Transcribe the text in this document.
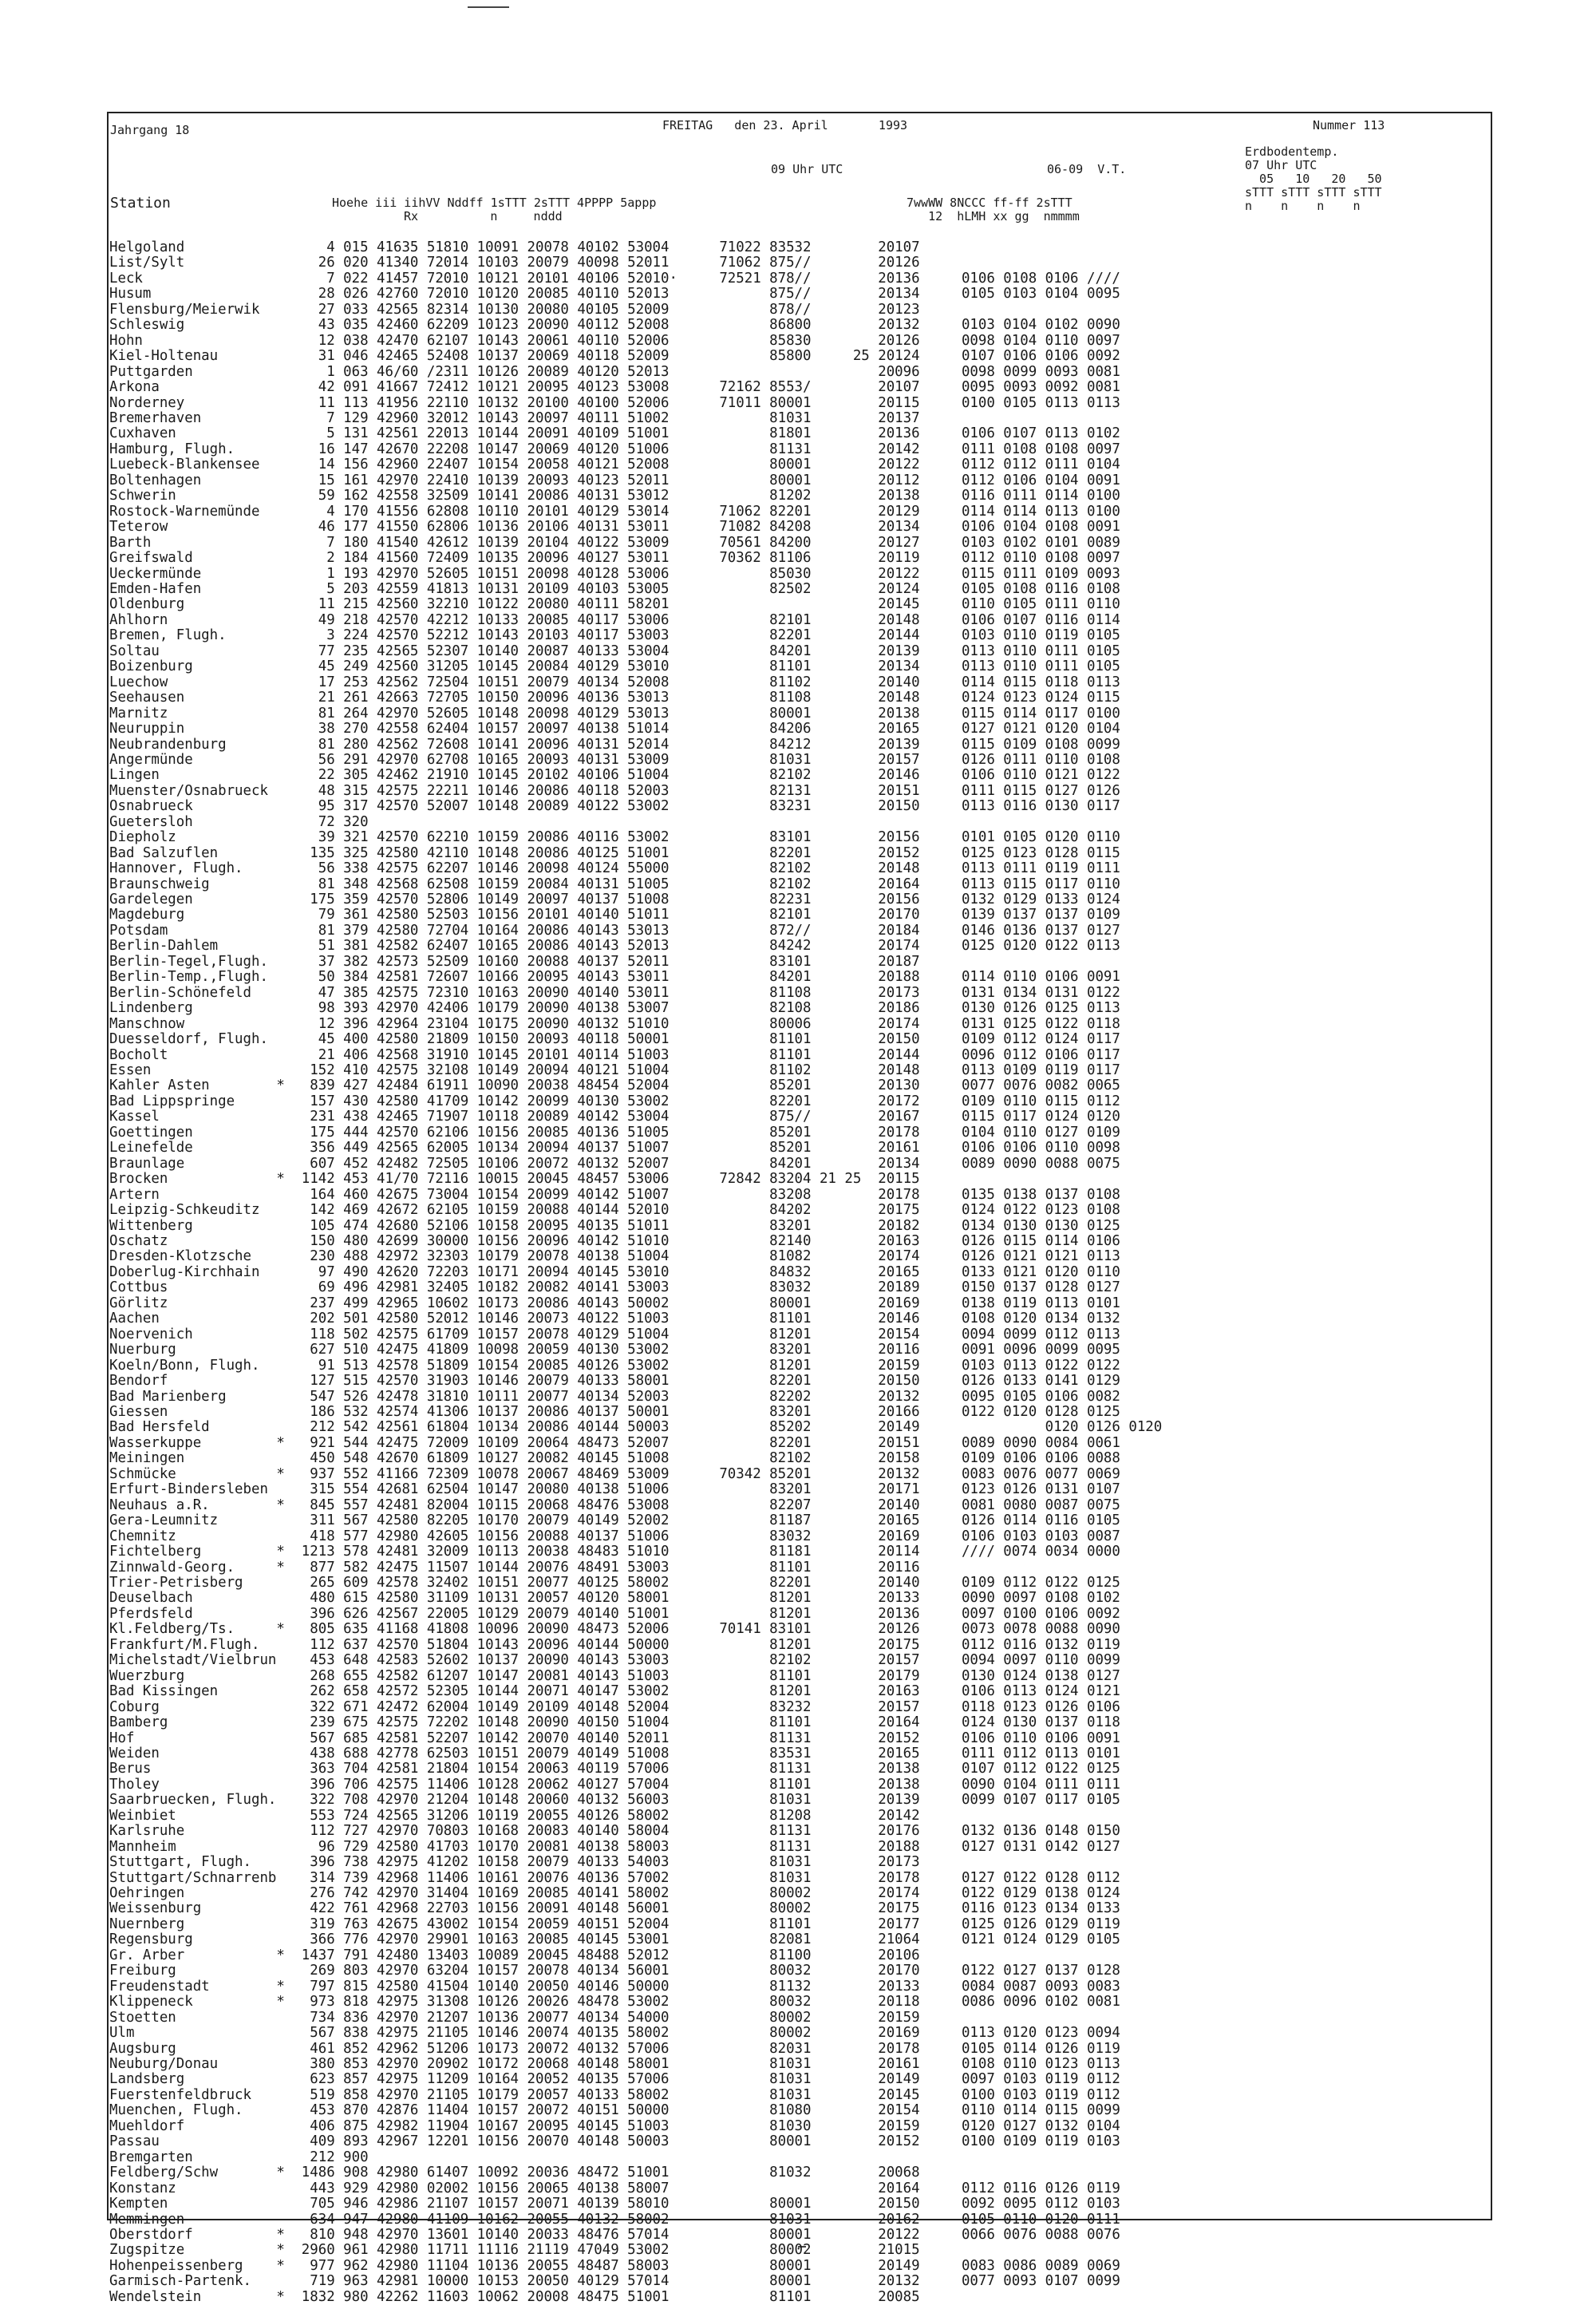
Jahrgang 18	FREITAG   den 23. April       1993	Nummer 113
Erdbodentemp.
07 Uhr UTC
05   10   20   50
sTTT sTTT sTTT sTTT
n    n    n    n
09 Uhr UTC	06-09  V.T.
Station	Hoehe iii iihVV Nddff 1sTTT 2sTTT 4PPPP 5appp
Rx          n     nddd
7wwWW 8NCCC ff-ff 2sTTT
12  hLMH xx gg  nmmmm
Helgoland                 4 015 41635 51810 10091 20078 40102 53004      71022 83532        20107
List/Sylt                26 020 41340 72014 10103 20079 40098 52011      71062 875//        20126
Leck                      7 022 41457 72010 10121 20101 40106 52010·     72521 878//        20136     0106 0108 0106 ////
Husum                    28 026 42760 72010 10120 20085 40110 52013            875//        20134     0105 0103 0104 0095
Flensburg/Meierwik       27 033 42565 82314 10130 20080 40105 52009            878//        20123
Schleswig                43 035 42460 62209 10123 20090 40112 52008            86800        20132     0103 0104 0102 0090
Hohn                     12 038 42470 62107 10143 20061 40110 52006            85830        20126     0098 0104 0110 0097
Kiel-Holtenau            31 046 42465 52408 10137 20069 40118 52009            85800     25 20124     0107 0106 0106 0092
Puttgarden                1 063 46/60 /2311 10126 20089 40120 52013                         20096     0098 0099 0093 0081
Arkona                   42 091 41667 72412 10121 20095 40123 53008      72162 8553/        20107     0095 0093 0092 0081
Norderney                11 113 41956 22110 10132 20100 40100 52006      71011 80001        20115     0100 0105 0113 0113
Bremerhaven               7 129 42960 32012 10143 20097 40111 51002            81031        20137
Cuxhaven                  5 131 42561 22013 10144 20091 40109 51001            81801        20136     0106 0107 0113 0102
Hamburg, Flugh.          16 147 42670 22208 10147 20069 40120 51006            81131        20142     0111 0108 0108 0097
Luebeck-Blankensee       14 156 42960 22407 10154 20058 40121 52008            80001        20122     0112 0112 0111 0104
Boltenhagen              15 161 42970 22410 10139 20093 40123 52011            80001        20112     0112 0106 0104 0091
Schwerin                 59 162 42558 32509 10141 20086 40131 53012            81202        20138     0116 0111 0114 0100
Rostock-Warnemünde        4 170 41556 62808 10110 20101 40129 53014      71062 82201        20129     0114 0114 0113 0100
Teterow                  46 177 41550 62806 10136 20106 40131 53011      71082 84208        20134     0106 0104 0108 0091
Barth                     7 180 41540 42612 10139 20104 40122 53009      70561 84200        20127     0103 0102 0101 0089
Greifswald                2 184 41560 72409 10135 20096 40127 53011      70362 81106        20119     0112 0110 0108 0097
Ueckermünde               1 193 42970 52605 10151 20098 40128 53006            85030        20122     0115 0111 0109 0093
Emden-Hafen               5 203 42559 41813 10131 20109 40103 53005            82502        20124     0105 0108 0116 0108
Oldenburg                11 215 42560 32210 10122 20080 40111 58201                         20145     0110 0105 0111 0110
Ahlhorn                  49 218 42570 42212 10133 20085 40117 53006            82101        20148     0106 0107 0116 0114
Bremen, Flugh.            3 224 42570 52212 10143 20103 40117 53003            82201        20144     0103 0110 0119 0105
Soltau                   77 235 42565 52307 10140 20087 40133 53004            84201        20139     0113 0110 0111 0105
Boizenburg               45 249 42560 31205 10145 20084 40129 53010            81101        20134     0113 0110 0111 0105
Luechow                  17 253 42562 72504 10151 20079 40134 52008            81102        20140     0114 0115 0118 0113
Seehausen                21 261 42663 72705 10150 20096 40136 53013            81108        20148     0124 0123 0124 0115
Marnitz                  81 264 42970 52605 10148 20098 40129 53013            80001        20138     0115 0114 0117 0100
Neuruppin                38 270 42558 62404 10157 20097 40138 51014            84206        20165     0127 0121 0120 0104
Neubrandenburg           81 280 42562 72608 10141 20096 40131 52014            84212        20139     0115 0109 0108 0099
Angermünde               56 291 42970 62708 10165 20093 40131 53009            81031        20157     0126 0111 0110 0108
Lingen                   22 305 42462 21910 10145 20102 40106 51004            82102        20146     0106 0110 0121 0122
Muenster/Osnabrueck      48 315 42575 22211 10146 20086 40118 52003            82131        20151     0111 0115 0127 0126
Osnabrueck               95 317 42570 52007 10148 20089 40122 53002            83231        20150     0113 0116 0130 0117
Guetersloh               72 320
Diepholz                 39 321 42570 62210 10159 20086 40116 53002            83101        20156     0101 0105 0120 0110
Bad Salzuflen           135 325 42580 42110 10148 20086 40125 51001            82201        20152     0125 0123 0128 0115
Hannover, Flugh.         56 338 42575 62207 10146 20098 40124 55000            82102        20148     0113 0111 0119 0111
Braunschweig             81 348 42568 62508 10159 20084 40131 51005            82102        20164     0113 0115 0117 0110
Gardelegen              175 359 42570 52806 10149 20097 40137 51008            82231        20156     0132 0129 0133 0124
Magdeburg                79 361 42580 52503 10156 20101 40140 51011            82101        20170     0139 0137 0137 0109
Potsdam                  81 379 42580 72704 10164 20086 40143 53013            872//        20184     0146 0136 0137 0127
Berlin-Dahlem            51 381 42582 62407 10165 20086 40143 52013            84242        20174     0125 0120 0122 0113
Berlin-Tegel,Flugh.      37 382 42573 52509 10160 20088 40137 52011            83101        20187
Berlin-Temp.,Flugh.      50 384 42581 72607 10166 20095 40143 53011            84201        20188     0114 0110 0106 0091
Berlin-Schönefeld        47 385 42575 72310 10163 20090 40140 53011            81108        20173     0131 0134 0131 0122
Lindenberg               98 393 42970 42406 10179 20090 40138 53007            82108        20186     0130 0126 0125 0113
Manschnow                12 396 42964 23104 10175 20090 40132 51010            80006        20174     0131 0125 0122 0118
Duesseldorf, Flugh.      45 400 42580 21809 10150 20093 40118 50001            81101        20150     0109 0112 0124 0117
Bocholt                  21 406 42568 31910 10145 20101 40114 51003            81101        20144     0096 0112 0106 0117
Essen                   152 410 42575 32108 10149 20094 40121 51004            81102        20148     0113 0109 0119 0117
Kahler Asten        *   839 427 42484 61911 10090 20038 48454 52004            85201        20130     0077 0076 0082 0065
Bad Lippspringe         157 430 42580 41709 10142 20099 40130 53002            82201        20172     0109 0110 0115 0112
Kassel                  231 438 42465 71907 10118 20089 40142 53004            875//        20167     0115 0117 0124 0120
Goettingen              175 444 42570 62106 10156 20085 40136 51005            85201        20178     0104 0110 0127 0109
Leinefelde              356 449 42565 62005 10134 20094 40137 51007            85201        20161     0106 0106 0110 0098
Braunlage               607 452 42482 72505 10106 20072 40132 52007            84201        20134     0089 0090 0088 0075
Brocken             *  1142 453 41/70 72116 10015 20045 48457 53006      72842 83204 21 25  20115
Artern                  164 460 42675 73004 10154 20099 40142 51007            83208        20178     0135 0138 0137 0108
Leipzig-Schkeuditz      142 469 42672 62105 10159 20088 40144 52010            84202        20175     0124 0122 0123 0108
Wittenberg              105 474 42680 52106 10158 20095 40135 51011            83201        20182     0134 0130 0130 0125
Oschatz                 150 480 42699 30000 10156 20096 40142 51010            82140        20163     0126 0115 0114 0106
Dresden-Klotzsche       230 488 42972 32303 10179 20078 40138 51004            81082        20174     0126 0121 0121 0113
Doberlug-Kirchhain       97 490 42620 72203 10171 20094 40145 53010            84832        20165     0133 0121 0120 0110
Cottbus                  69 496 42981 32405 10182 20082 40141 53003            83032        20189     0150 0137 0128 0127
Görlitz                 237 499 42965 10602 10173 20086 40143 50002            80001        20169     0138 0119 0113 0101
Aachen                  202 501 42580 52012 10146 20073 40122 51003            81101        20146     0108 0120 0134 0132
Noervenich              118 502 42575 61709 10157 20078 40129 51004            81201        20154     0094 0099 0112 0113
Nuerburg                627 510 42475 41809 10098 20059 40130 53002            83201        20116     0091 0096 0099 0095
Koeln/Bonn, Flugh.       91 513 42578 51809 10154 20085 40126 53002            81201        20159     0103 0113 0122 0122
Bendorf                 127 515 42570 31903 10146 20079 40133 58001            82201        20150     0126 0133 0141 0129
Bad Marienberg          547 526 42478 31810 10111 20077 40134 52003            82202        20132     0095 0105 0106 0082
Giessen                 186 532 42574 41306 10137 20086 40137 50001            83201        20166     0122 0120 0128 0125
Bad Hersfeld            212 542 42561 61804 10134 20086 40144 50003            85202        20149               0120 0126 0120
Wasserkuppe         *   921 544 42475 72009 10109 20064 48473 52007            82201        20151     0089 0090 0084 0061
Meiningen               450 548 42670 61809 10127 20082 40145 51008            82102        20158     0109 0106 0106 0088
Schmücke            *   937 552 41166 72309 10078 20067 48469 53009      70342 85201        20132     0083 0076 0077 0069
Erfurt-Bindersleben     315 554 42681 62504 10147 20080 40138 51006            83201        20171     0123 0126 0131 0107
Neuhaus a.R.        *   845 557 42481 82004 10115 20068 48476 53008            82207        20140     0081 0080 0087 0075
Gera-Leumnitz           311 567 42580 82205 10170 20079 40149 52002            81187        20165     0126 0114 0116 0105
Chemnitz                418 577 42980 42605 10156 20088 40137 51006            83032        20169     0106 0103 0103 0087
Fichtelberg         *  1213 578 42481 32009 10113 20038 48483 51010            81181        20114     //// 0074 0034 0000
Zinnwald-Georg.     *   877 582 42475 11507 10144 20076 48491 53003            81101        20116
Trier-Petrisberg        265 609 42578 32402 10151 20077 40125 58002            82201        20140     0109 0112 0122 0125
Deuselbach              480 615 42580 31109 10131 20057 40120 58001            81201        20133     0090 0097 0108 0102
Pferdsfeld              396 626 42567 22005 10129 20079 40140 51001            81201        20136     0097 0100 0106 0092
Kl.Feldberg/Ts.     *   805 635 41168 41808 10096 20090 48473 52006      70141 83101        20126     0073 0078 0088 0090
Frankfurt/M.Flugh.      112 637 42570 51804 10143 20096 40144 50000            81201        20175     0112 0116 0132 0119
Michelstadt/Vielbrun    453 648 42583 52602 10137 20090 40143 53003            82102        20157     0094 0097 0110 0099
Wuerzburg               268 655 42582 61207 10147 20081 40143 51003            81101        20179     0130 0124 0138 0127
Bad Kissingen           262 658 42572 52305 10144 20071 40147 53002            81201        20163     0106 0113 0124 0121
Coburg                  322 671 42472 62004 10149 20109 40148 52004            83232        20157     0118 0123 0126 0106
Bamberg                 239 675 42575 72202 10148 20090 40150 51004            81101        20164     0124 0130 0137 0118
Hof                     567 685 42581 52207 10142 20070 40140 52011            81131        20152     0106 0110 0106 0091
Weiden                  438 688 42778 62503 10151 20079 40149 51008            83531        20165     0111 0112 0113 0101
Berus                   363 704 42581 21804 10154 20063 40119 57006            81131        20138     0107 0112 0122 0125
Tholey                  396 706 42575 11406 10128 20062 40127 57004            81101        20138     0090 0104 0111 0111
Saarbruecken, Flugh.    322 708 42970 21204 10148 20060 40132 56003            81031        20139     0099 0107 0117 0105
Weinbiet                553 724 42565 31206 10119 20055 40126 58002            81208        20142
Karlsruhe               112 727 42970 70803 10168 20083 40140 58004            81131        20176     0132 0136 0148 0150
Mannheim                 96 729 42580 41703 10170 20081 40138 58003            81131        20188     0127 0131 0142 0127
Stuttgart, Flugh.       396 738 42975 41202 10158 20079 40133 54003            81031        20173
Stuttgart/Schnarrenb    314 739 42968 11406 10161 20076 40136 57002            81031        20178     0127 0122 0128 0112
Oehringen               276 742 42970 31404 10169 20085 40141 58002            80002        20174     0122 0129 0138 0124
Weissenburg             422 761 42968 22703 10156 20091 40148 56001            80002        20175     0116 0123 0134 0133
Nuernberg               319 763 42675 43002 10154 20059 40151 52004            81101        20177     0125 0126 0129 0119
Regensburg              366 776 42970 29901 10163 20085 40145 53001            82081        21064     0121 0124 0129 0105
Gr. Arber           *  1437 791 42480 13403 10089 20045 48488 52012            81100        20106
Freiburg                269 803 42970 63204 10157 20078 40134 56001            80032        20170     0122 0127 0137 0128
Freudenstadt        *   797 815 42580 41504 10140 20050 40146 50000            81132        20133     0084 0087 0093 0083
Klippeneck          *   973 818 42975 31308 10126 20026 48478 53002            80032        20118     0086 0096 0102 0081
Stoetten                734 836 42970 21207 10136 20077 40134 54000            80002        20159
Ulm                     567 838 42975 21105 10146 20074 40135 58002            80002        20169     0113 0120 0123 0094
Augsburg                461 852 42962 51206 10173 20072 40132 57006            82031        20178     0105 0114 0126 0119
Neuburg/Donau           380 853 42970 20902 10172 20068 40148 58001            81031        20161     0108 0110 0123 0113
Landsberg               623 857 42975 11209 10164 20052 40135 57006            81031        20149     0097 0103 0119 0112
Fuerstenfeldbruck       519 858 42970 21105 10179 20057 40133 58002            81031        20145     0100 0103 0119 0112
Muenchen, Flugh.        453 870 42876 11404 10157 20072 40151 50000            81080        20154     0110 0114 0115 0099
Muehldorf               406 875 42982 11904 10167 20095 40145 51003            81030        20159     0120 0127 0132 0104
Passau                  409 893 42967 12201 10156 20070 40148 50003            80001        20152     0100 0109 0119 0103
Bremgarten              212 900
Feldberg/Schw       *  1486 908 42980 61407 10092 20036 48472 51001            81032        20068
Konstanz                443 929 42980 02002 10156 20065 40138 58007                         20164     0112 0116 0126 0119
Kempten                 705 946 42986 21107 10157 20071 40139 58010            80001        20150     0092 0095 0112 0103
Memmingen               634 947 42980 41109 10162 20055 40132 58002            81031        20162     0105 0110 0120 0111
Oberstdorf          *   810 948 42970 13601 10140 20033 48476 57014            80001        20122     0066 0076 0088 0076
Zugspitze           *  2960 961 42980 11711 11116 21119 47049 53002            80002        21015
Hohenpeissenberg    *   977 962 42980 11104 10136 20055 48487 58003            80001        20149     0083 0086 0089 0069
Garmisch-Partenk.       719 963 42981 10000 10153 20050 40129 57014            80001        20132     0077 0093 0107 0099
Wendelstein         *  1832 980 42262 11603 10062 20008 48475 51001            81101        20085
